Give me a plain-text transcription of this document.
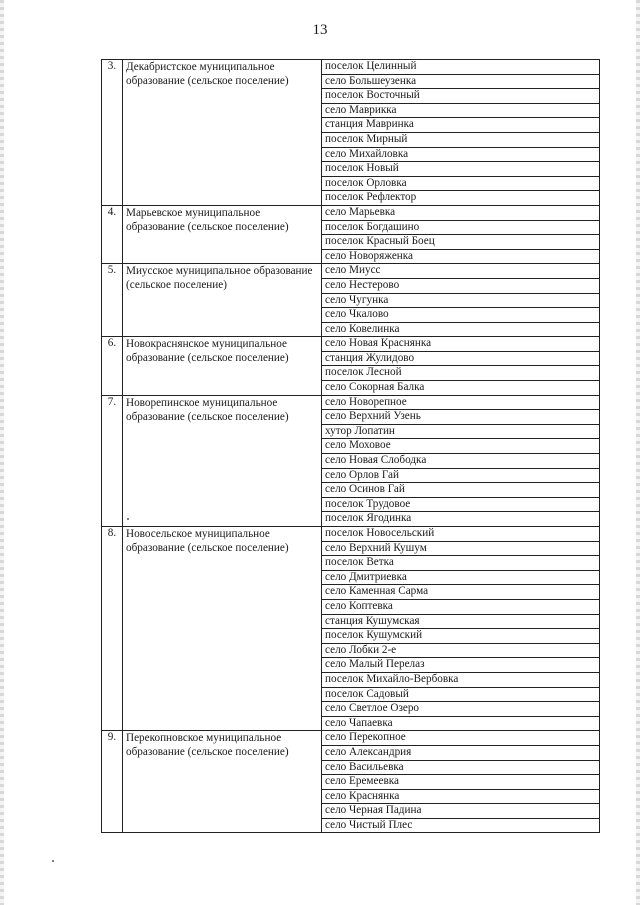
13
3.	Декабристское муниципальное образование (сельское поселение)	поселок Целинный
		село Большеузенка
		поселок Восточный
		село Маврикка
		станция Мавринка
		поселок Мирный
		село Михайловка
		поселок Новый
		поселок Орловка
		поселок Рефлектор
4.	Марьевское муниципальное образование (сельское поселение)	село Марьевка
		поселок Богдашино
		поселок Красный Боец
		село Новоряженка
5.	Миусское муниципальное образование (сельское поселение)	село Миусс
		село Нестерово
		село Чугунка
		село Чкалово
		село Ковелинка
6.	Новокраснянское муниципальное образование (сельское поселение)	село Новая Краснянка
		станция Жулидово
		поселок Лесной
		село Сокорная Балка
7.	Новорепинское муниципальное образование (сельское поселение)	село Новорепное
		село Верхний Узень
		хутор Лопатин
		село Моховое
		село Новая Слободка
		село Орлов Гай
		село Осинов Гай
		поселок Трудовое
		поселок Ягодинка
8.	Новосельское муниципальное образование (сельское поселение)	поселок Новосельский
		село Верхний Кушум
		поселок Ветка
		село Дмитриевка
		село Каменная Сарма
		село Коптевка
		станция Кушумская
		поселок Кушумский
		село Лобки 2-е
		село Малый Перелаз
		поселок Михайло-Вербовка
		поселок Садовый
		село Светлое Озеро
		село Чапаевка
9.	Перекопновское муниципальное образование (сельское поселение)	село Перекопное
		село Александрия
		село Васильевка
		село Еремеевка
		село Краснянка
		село Черная Падина
		село Чистый Плес
